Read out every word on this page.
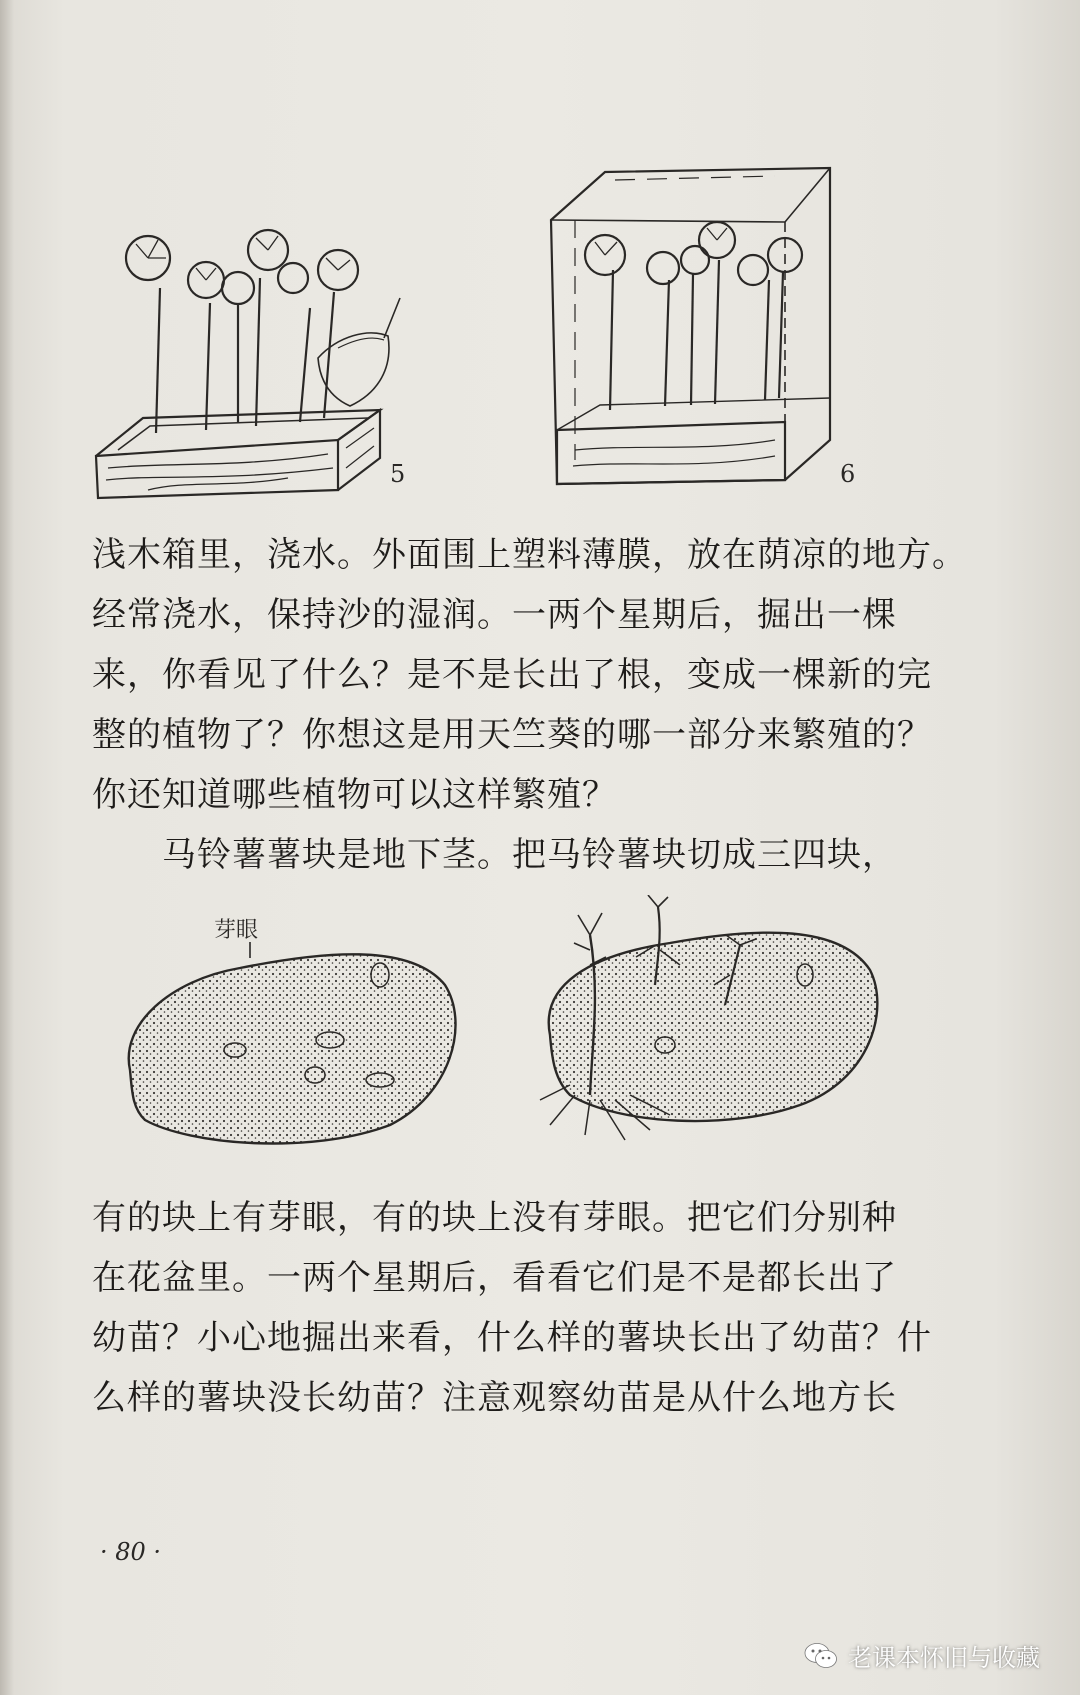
5	6
浅木箱里，浇水。外面围上塑料薄膜，放在荫凉的地方。
经常浇水，保持沙的湿润。一两个星期后，掘出一棵
来，你看见了什么？是不是长出了根，变成一棵新的完
整的植物了？你想这是用天竺葵的哪一部分来繁殖的？
你还知道哪些植物可以这样繁殖？
马铃薯薯块是地下茎。把马铃薯块切成三四块，
芽眼
有的块上有芽眼，有的块上没有芽眼。把它们分别种
在花盆里。一两个星期后，看看它们是不是都长出了
幼苗？小心地掘出来看，什么样的薯块长出了幼苗？什
么样的薯块没长幼苗？注意观察幼苗是从什么地方长
· 80 ·
老课本怀旧与收藏
